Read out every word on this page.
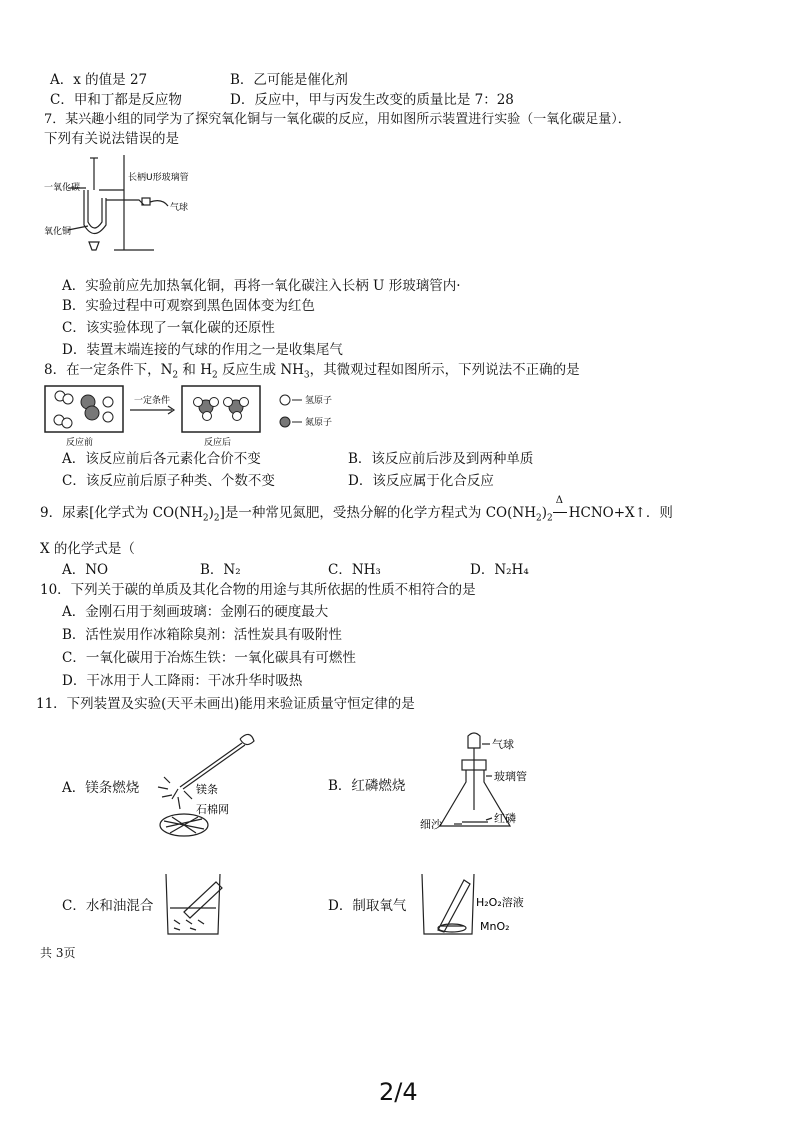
A．x 的值是 27	B．乙可能是催化剂
C．甲和丁都是反应物	D．反应中，甲与丙发生改变的质量比是 7：28
7．某兴趣小组的同学为了探究氧化铜与一氧化碳的反应，用如图所示装置进行实验（一氧化碳足量）．
下列有关说法错误的是
一氧化碳
氧化铜
长柄U形玻璃管
气球
A．实验前应先加热氧化铜，再将一氧化碳注入长柄 U 形玻璃管内·
B．实验过程中可观察到黑色固体变为红色
C．该实验体现了一氧化碳的还原性
D．装置末端连接的气球的作用之一是收集尾气
8．在一定条件下，$N_2$ 和 $H_2$ 反应生成 $NH_3$，其微观过程如图所示，下列说法不正确的是
一定条件
反应前	反应后
氢原子
氮原子
A．该反应前后各元素化合价不变	B．该反应前后涉及到两种单质
C．该反应前后原子种类、个数不变	D．该反应属于化合反应
9．尿素[化学式为 $CO(NH_2)_2$]是一种常见氮肥，受热分解的化学方程式为 $CO(NH_2)_2$
Δ
HCNO+X↑．则
X 的化学式是（
A．NO	B．N₂	C．NH₃	D．N₂H₄
10．下列关于碳的单质及其化合物的用途与其所依据的性质不相符合的是
A．金刚石用于刻画玻璃：金刚石的硬度最大
B．活性炭用作冰箱除臭剂：活性炭具有吸附性
C．一氧化碳用于冶炼生铁：一氧化碳具有可燃性
D．干冰用于人工降雨：干冰升华时吸热
11．下列装置及实验(天平未画出)能用来验证质量守恒定律的是
A．镁条燃烧	镁条
石棉网
B．红磷燃烧
气球
玻璃管
细沙	红磷
C．水和油混合	D．制取氧气	H₂O₂溶液
MnO₂
共 3页
2/4
